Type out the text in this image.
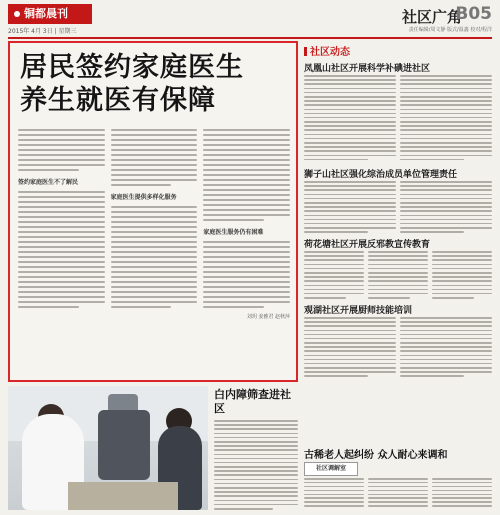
铜都晨刊
2015年 4月 3日 | 星期三
社区广角
B05
责任编辑/周文静 版式/温鑫 校对/程洋
居民签约家庭医生
养生就医有保障
签约家庭医生不了解民
家庭医生提供多样化服务
家庭医生服务仍有困难
刘玥 姜雅君 赵秋萍
社区动态
凤凰山社区开展科学补碘进社区
狮子山社区强化综治成员单位管理责任
荷花塘社区开展反邪教宣传教育
观湖社区开展厨师技能培训
白内障筛查进社区
古稀老人起纠纷 众人耐心来调和
社区调解室
